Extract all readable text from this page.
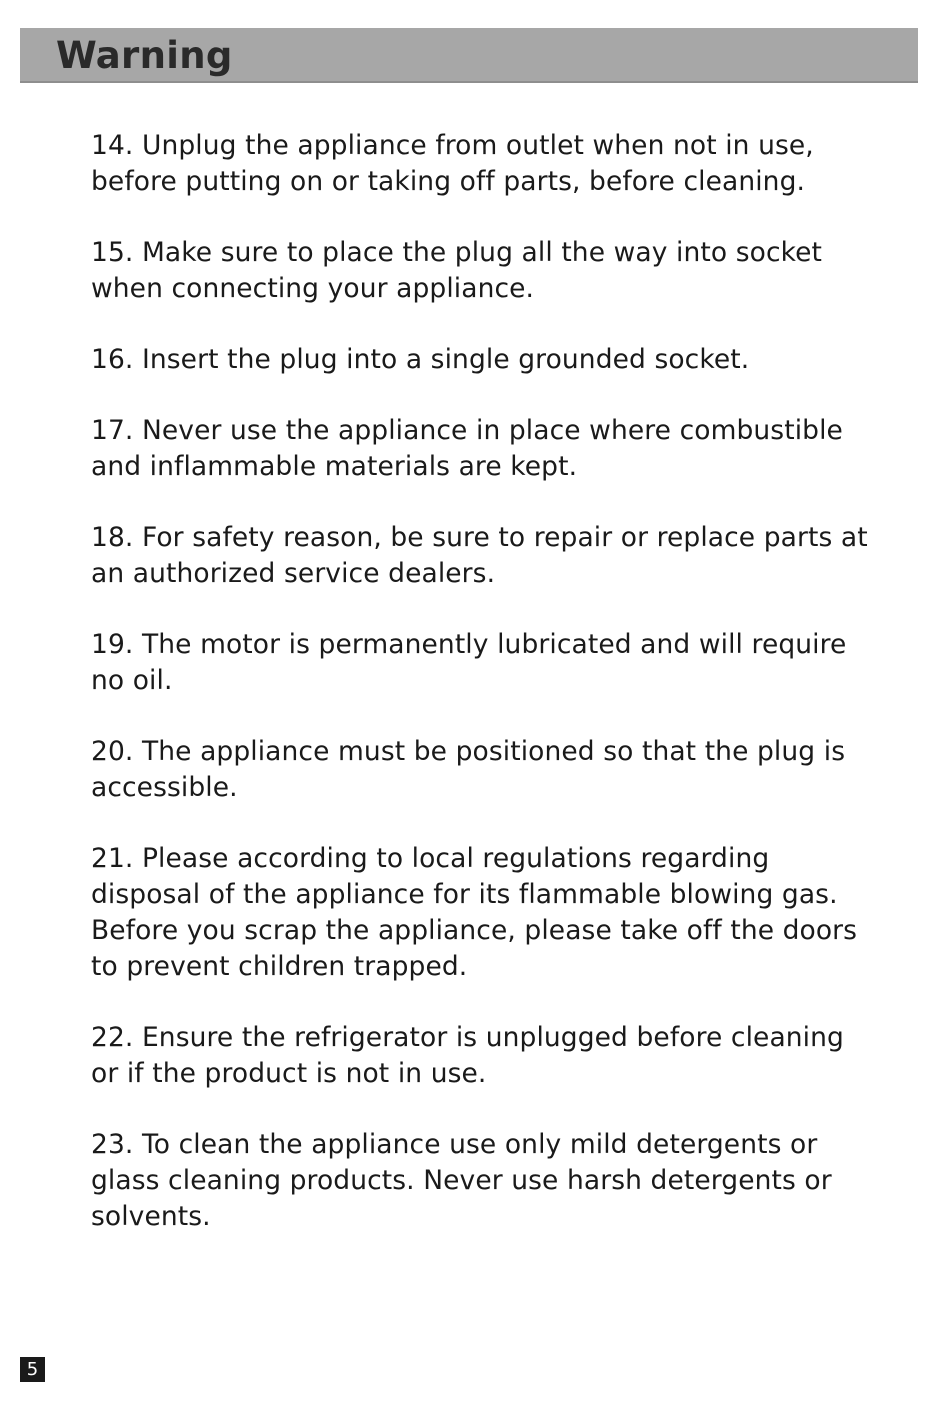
Warning
14. Unplug the appliance from outlet when not in use, before putting on or taking off parts, before cleaning.
15. Make sure to place the plug all the way into socket when connecting your appliance.
16. Insert the plug into a single grounded socket.
17. Never use the appliance in place where combustible and inflammable materials are kept.
18. For safety reason, be sure to repair or replace parts at an authorized service dealers.
19. The motor is permanently lubricated and will require no oil.
20. The appliance must be positioned so that the plug is accessible.
21. Please according to local regulations regarding disposal of the appliance for its flammable blowing gas. Before you scrap the appliance, please take off the doors to prevent children trapped.
22. Ensure the refrigerator is unplugged before cleaning or if the product is not in use.
23. To clean the appliance use only mild detergents or glass cleaning products. Never use harsh detergents or solvents.
5
